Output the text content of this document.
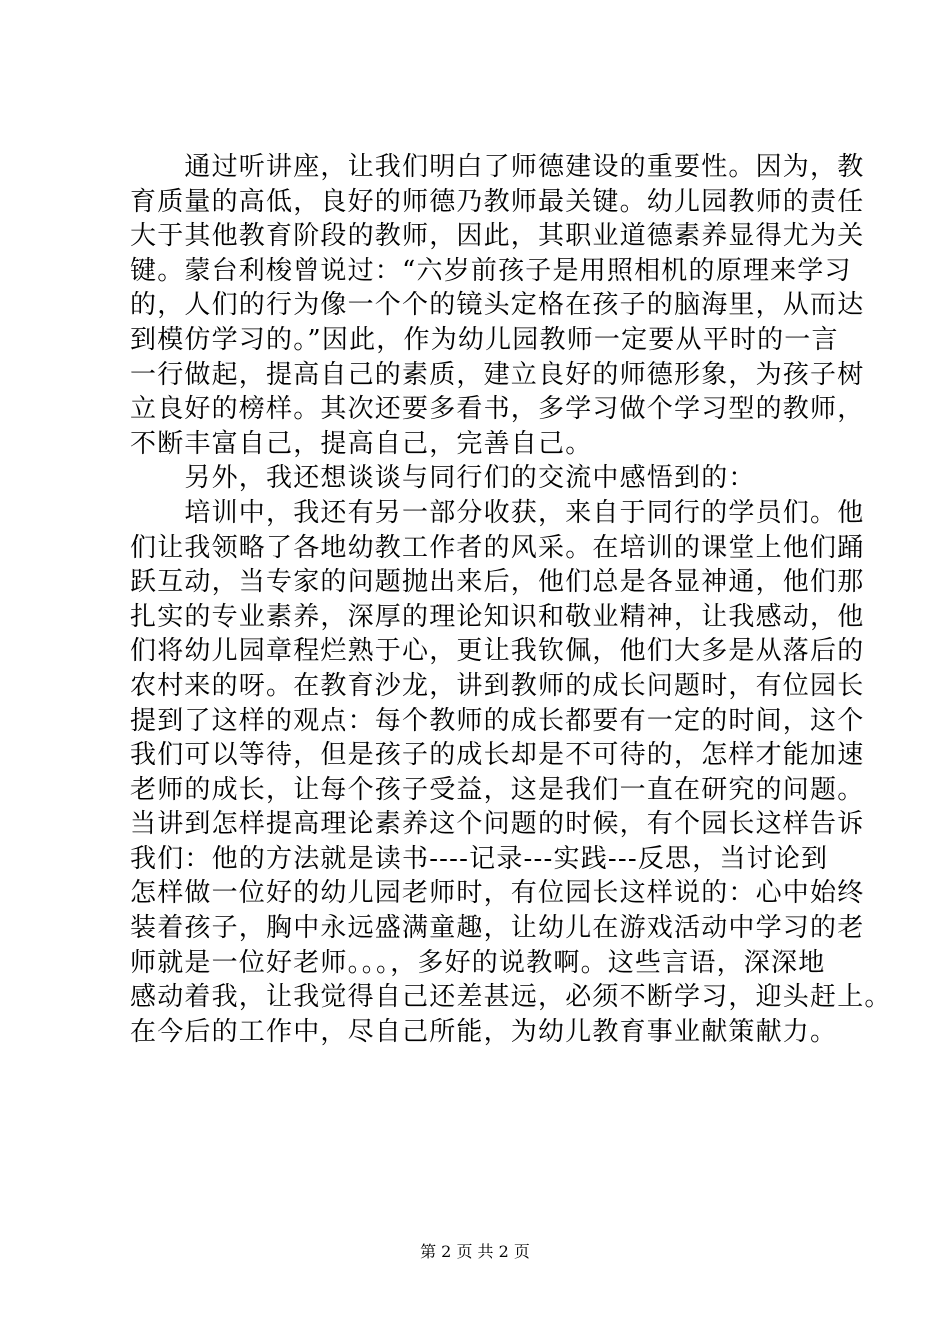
　　通过听讲座，让我们明白了师德建设的重要性。因为，教
育质量的高低，良好的师德乃教师最关键。幼儿园教师的责任
大于其他教育阶段的教师，因此，其职业道德素养显得尤为关
键。蒙台利梭曾说过：“六岁前孩子是用照相机的原理来学习
的，人们的行为像一个个的镜头定格在孩子的脑海里，从而达
到模仿学习的。”因此，作为幼儿园教师一定要从平时的一言
一行做起，提高自己的素质，建立良好的师德形象，为孩子树
立良好的榜样。其次还要多看书，多学习做个学习型的教师，
不断丰富自己，提高自己，完善自己。
　　另外，我还想谈谈与同行们的交流中感悟到的：
　　培训中，我还有另一部分收获，来自于同行的学员们。他
们让我领略了各地幼教工作者的风采。在培训的课堂上他们踊
跃互动，当专家的问题抛出来后，他们总是各显神通，他们那
扎实的专业素养，深厚的理论知识和敬业精神，让我感动，他
们将幼儿园章程烂熟于心，更让我钦佩，他们大多是从落后的
农村来的呀。在教育沙龙，讲到教师的成长问题时，有位园长
提到了这样的观点：每个教师的成长都要有一定的时间，这个
我们可以等待，但是孩子的成长却是不可待的，怎样才能加速
老师的成长，让每个孩子受益，这是我们一直在研究的问题。
当讲到怎样提高理论素养这个问题的时候，有个园长这样告诉
我们：他的方法就是读书----记录---实践---反思，当讨论到
怎样做一位好的幼儿园老师时，有位园长这样说的：心中始终
装着孩子，胸中永远盛满童趣，让幼儿在游戏活动中学习的老
师就是一位好老师。。。，多好的说教啊。这些言语，深深地
感动着我，让我觉得自己还差甚远，必须不断学习，迎头赶上。
在今后的工作中，尽自己所能，为幼儿教育事业献策献力。
第 2 页 共 2 页
